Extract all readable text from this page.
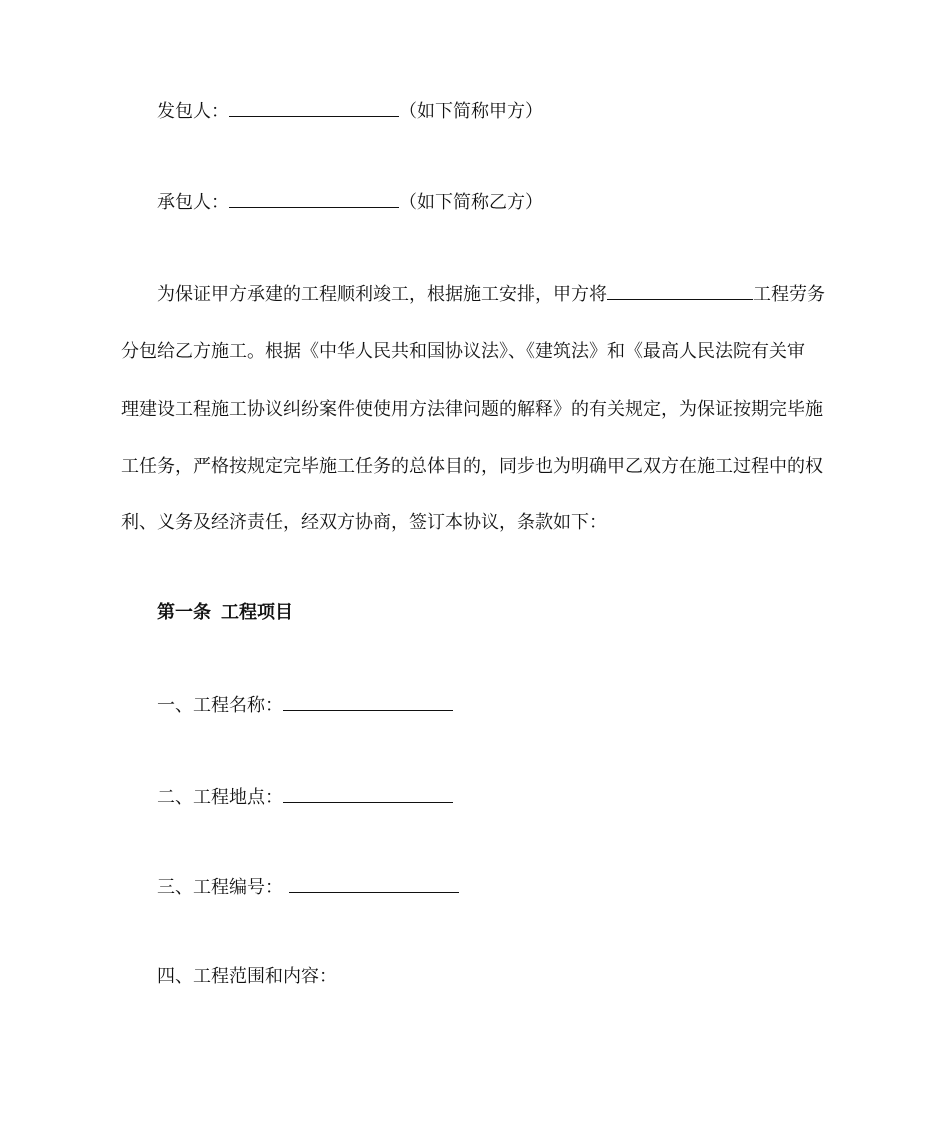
发包人：	（如下简称甲方）
承包人：	（如下简称乙方）
为保证甲方承建的工程顺利竣工，根据施工安排，甲方将	工程劳务
分包给乙方施工。根据《中华人民共和国协议法》、《建筑法》和《最高人民法院有关审
理建设工程施工协议纠纷案件使使用方法律问题的解释》的有关规定，为保证按期完毕施
工任务，严格按规定完毕施工任务的总体目的，同步也为明确甲乙双方在施工过程中的权
利、义务及经济责任，经双方协商，签订本协议，条款如下：
第一条 工程项目
一、工程名称：
二、工程地点：
三、工程编号：
四、工程范围和内容：
